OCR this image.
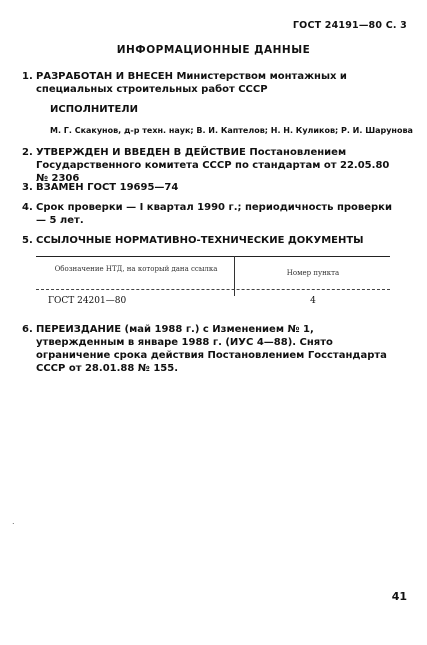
ГОСТ 24191—80 С. 3
ИНФОРМАЦИОННЫЕ ДАННЫЕ
1. РАЗРАБОТАН И ВНЕСЕН Министерством монтажных и специальных строительных работ СССР
ИСПОЛНИТЕЛИ
М. Г. Скакунов, д-р техн. наук; В. И. Каптелов; Н. Н. Куликов; Р. И. Шарунова
2. УТВЕРЖДЕН И ВВЕДЕН В ДЕЙСТВИЕ Постановлением Государственного комитета СССР по стандартам от 22.05.80 № 2306
3. ВЗАМЕН ГОСТ 19695—74
4. Срок проверки — I квартал 1990 г.; периодичность проверки — 5 лет.
5. ССЫЛОЧНЫЕ НОРМАТИВНО-ТЕХНИЧЕСКИЕ ДОКУМЕНТЫ
Обозначение НТД, на который дана ссылка	Номер пункта
ГОСТ 24201—80	4
6. ПЕРЕИЗДАНИЕ (май 1988 г.) с Изменением № 1, утвержденным в январе 1988 г. (ИУС 4—88). Снято ограничение срока действия Постановлением Госстандарта СССР от 28.01.88 № 155.
.
41
